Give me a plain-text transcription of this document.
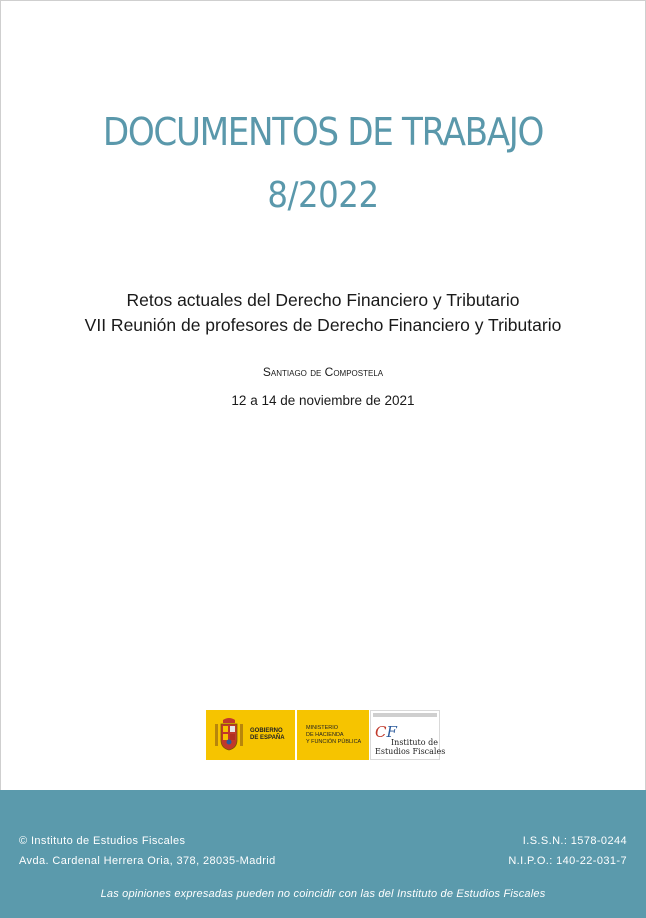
DOCUMENTOS DE TRABAJO
8/2022
Retos actuales del Derecho Financiero y Tributario
VII Reunión de profesores de Derecho Financiero y Tributario
Santiago de Compostela
12 a 14 de noviembre de 2021
GOBIERNO
DE ESPAÑA
MINISTERIO
DE HACIENDA
Y FUNCIÓN PÚBLICA
CF
Instituto de
Estudios Fiscales
© Instituto de Estudios Fiscales
Avda. Cardenal Herrera Oria, 378, 28035-Madrid
I.S.S.N.: 1578-0244
N.I.P.O.: 140-22-031-7
Las opiniones expresadas pueden no coincidir con las del Instituto de Estudios Fiscales
